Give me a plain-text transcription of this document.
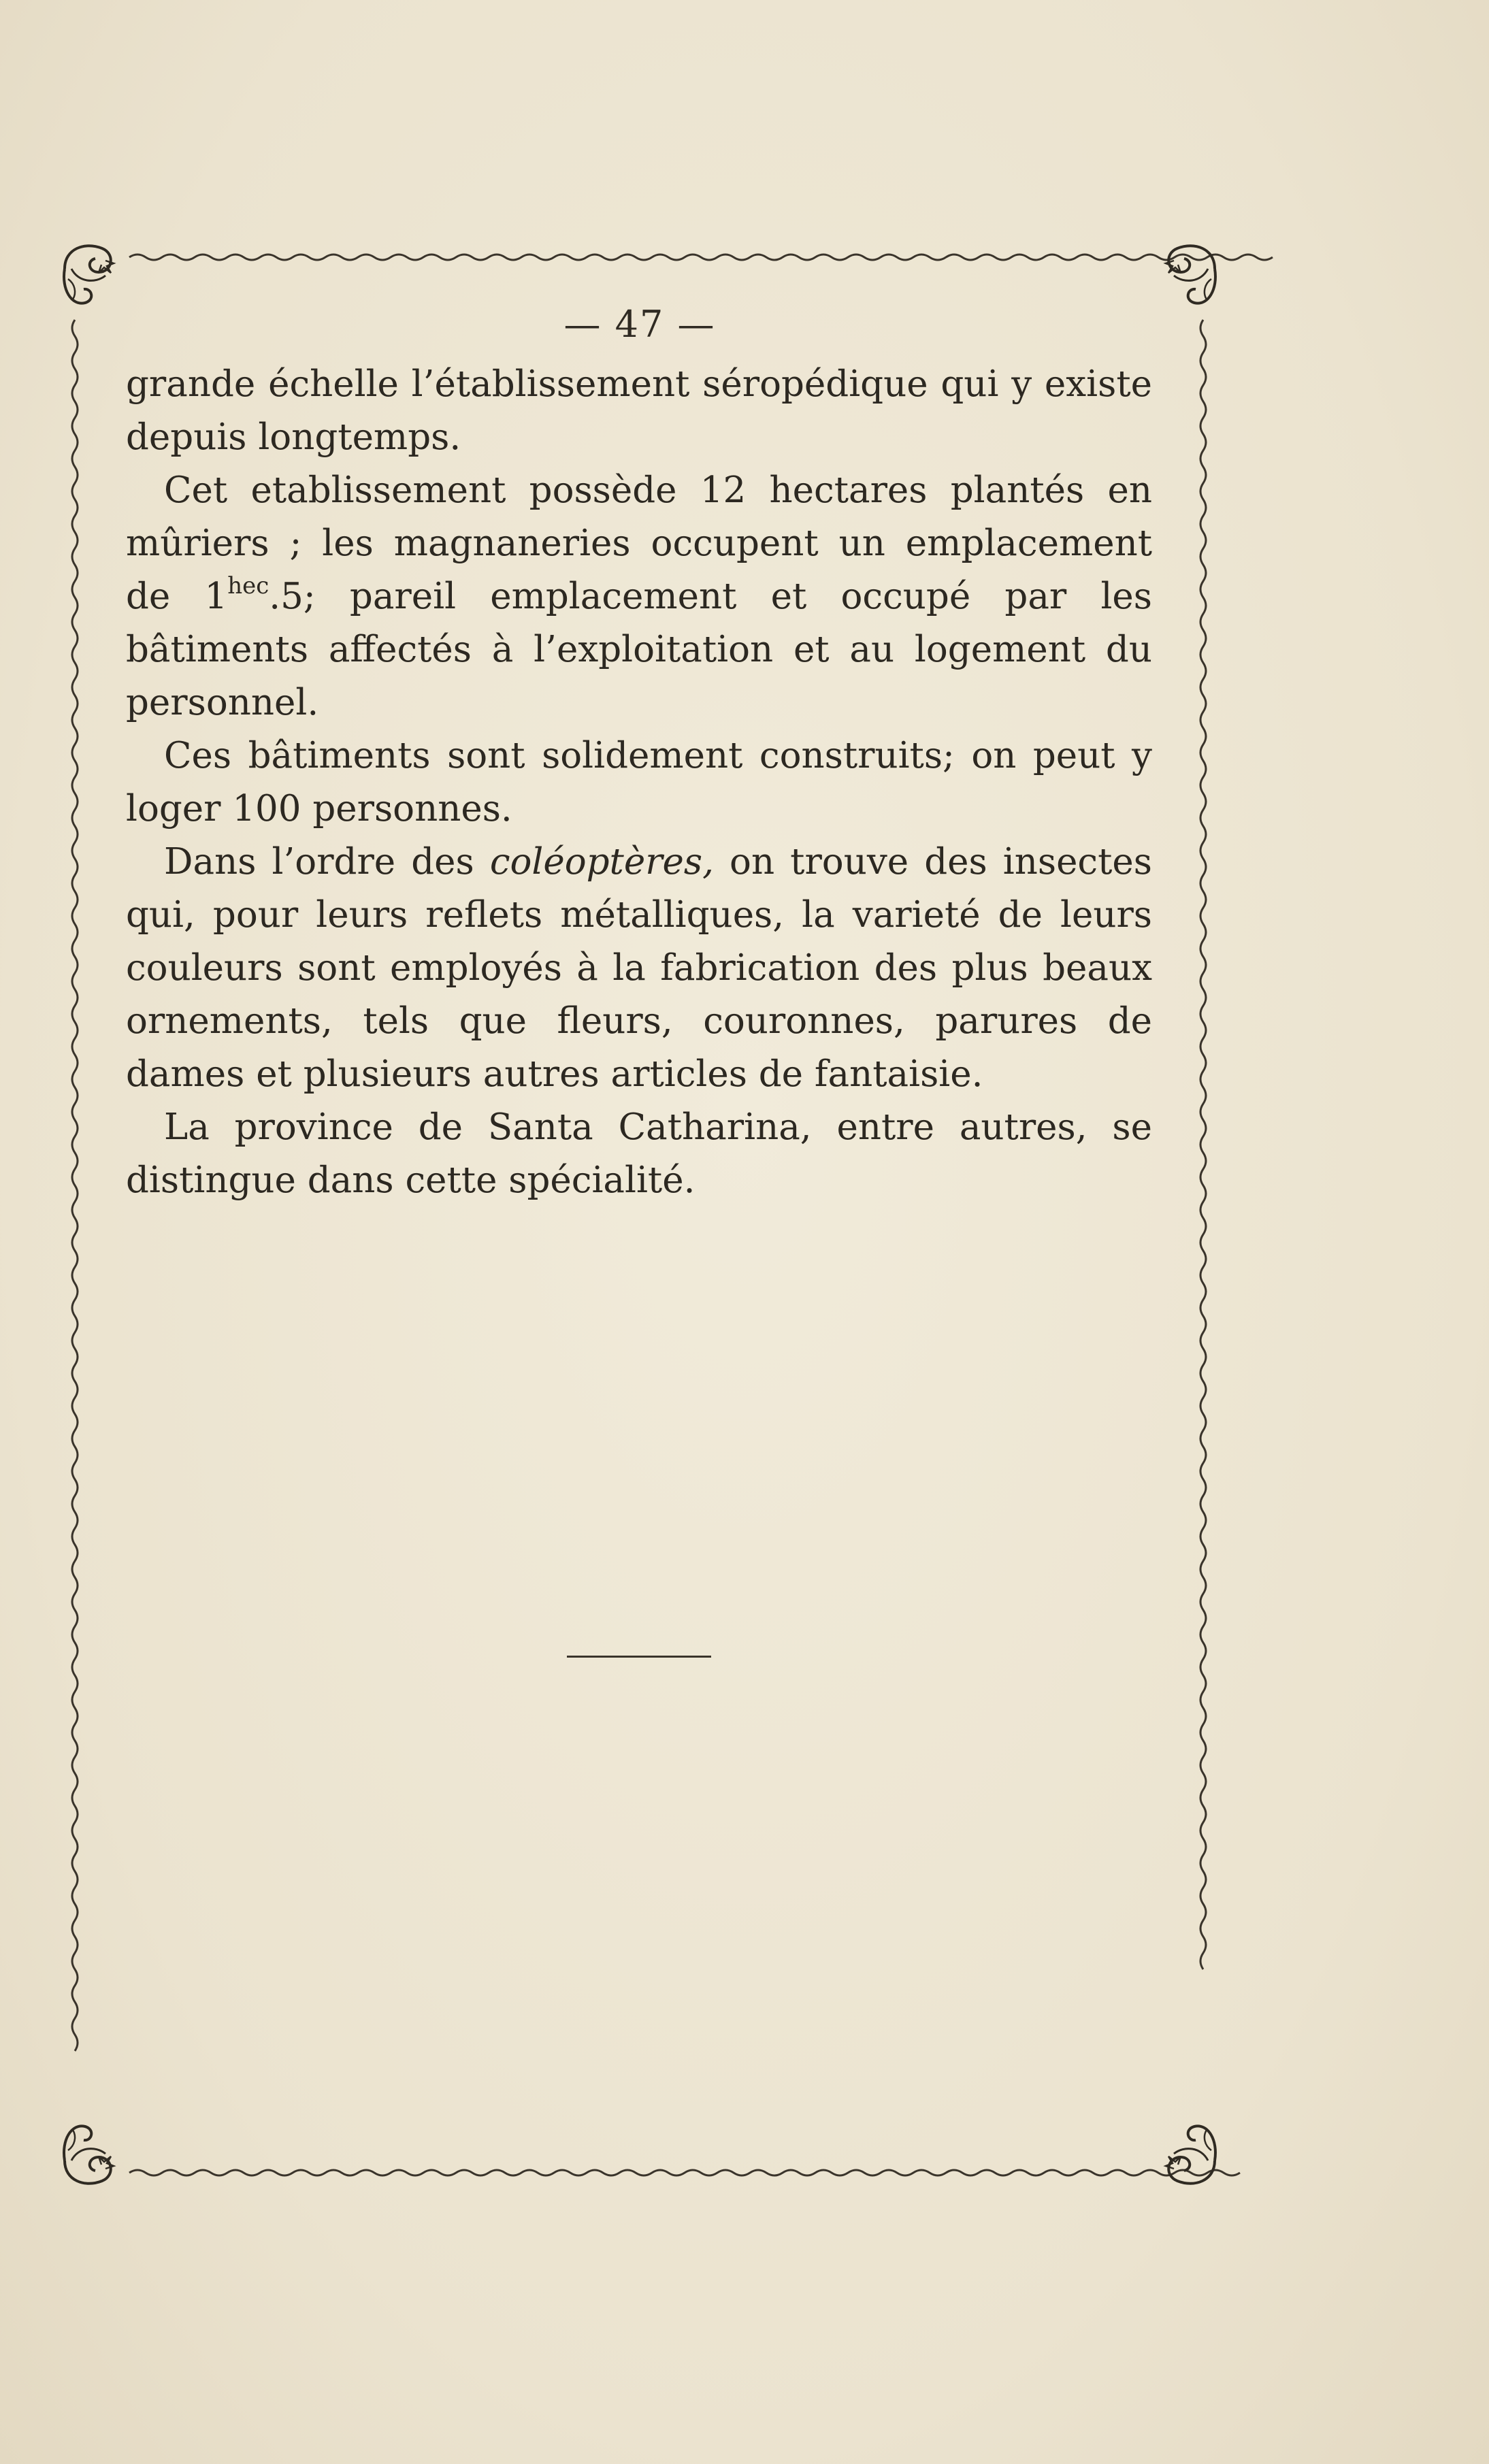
— 47 —

grande échelle l’établissement séropédique qui y existe depuis longtemps.

Cet etablissement possède 12 hectares plantés en mûriers ; les magnaneries occupent un emplacement de $1^{hec}.5$; pareil emplacement et occupé par les bâtiments affectés à l’exploitation et au logement du personnel.

Ces bâtiments sont solidement construits; on peut y loger 100 personnes.

Dans l’ordre des coléoptères, on trouve des insectes qui, pour leurs reflets métalliques, la varieté de leurs couleurs sont employés à la fabrication des plus beaux ornements, tels que fleurs, couronnes, parures de dames et plusieurs autres articles de fantaisie.

La province de Santa Catharina, entre autres, se distingue dans cette spécialité.
